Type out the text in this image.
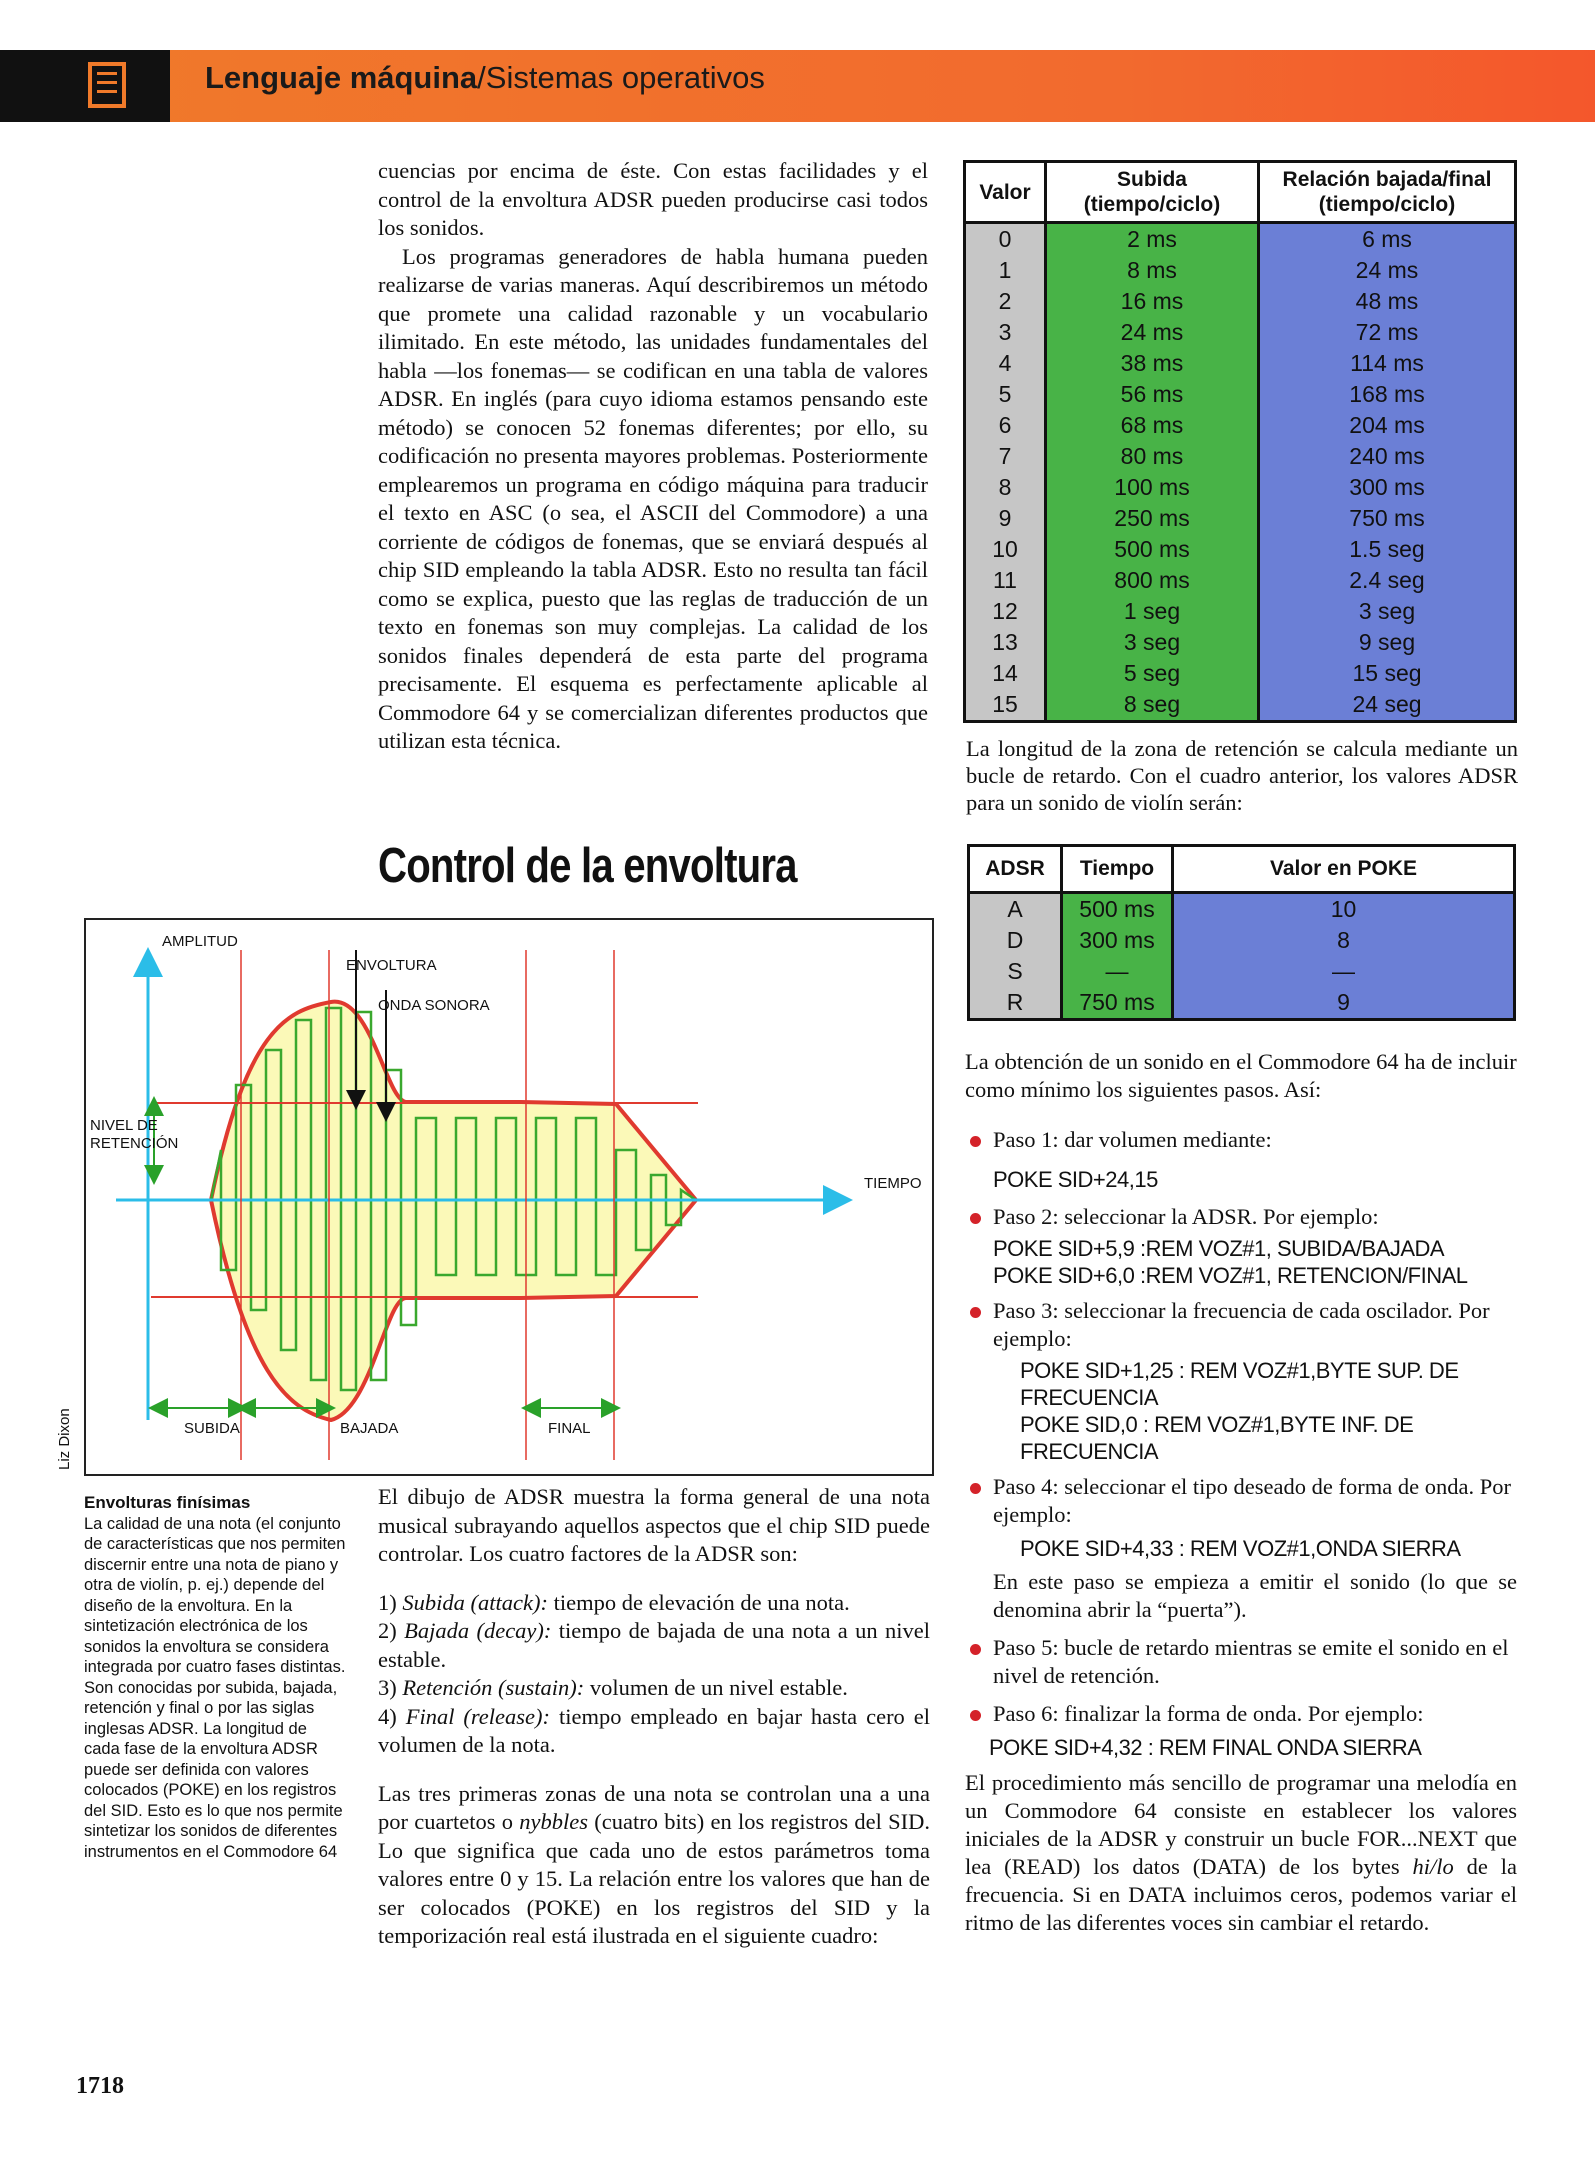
Lenguaje máquina/Sistemas operativos

cuencias por encima de éste. Con estas facilidades y el control de la envoltura ADSR pueden producirse casi todos los sonidos.

Los programas generadores de habla humana pueden realizarse de varias maneras. Aquí describiremos un método que promete una calidad razonable y un vocabulario ilimitado. En este método, las unidades fundamentales del habla —los fonemas— se codifican en una tabla de valores ADSR. En inglés (para cuyo idioma estamos pensando este método) se conocen 52 fonemas diferentes; por ello, su codificación no presenta mayores problemas. Posteriormente emplearemos un programa en código máquina para traducir el texto en ASC (o sea, el ASCII del Commodore) a una corriente de códigos de fonemas, que se enviará después al chip SID empleando la tabla ADSR. Esto no resulta tan fácil como se explica, puesto que las reglas de traducción de un texto en fonemas son muy complejas. La calidad de los sonidos finales dependerá de esta parte del programa precisamente. El esquema es perfectamente aplicable al Commodore 64 y se comercializan diferentes productos que utilizan esta técnica.

Control de la envoltura
AMPLITUD
ENVOLTURA
ONDA SONORA
NIVEL DE RETENCIÓN
TIEMPO
SUBIDA	BAJADA	FINAL
Liz Dixon
Envolturas finísimas
La calidad de una nota (el conjunto de características que nos permiten discernir entre una nota de piano y otra de violín, p. ej.) depende del diseño de la envoltura. En la sintetización electrónica de los sonidos la envoltura se considera integrada por cuatro fases distintas. Son conocidas por subida, bajada, retención y final o por las siglas inglesas ADSR. La longitud de cada fase de la envoltura ADSR puede ser definida con valores colocados (POKE) en los registros del SID. Esto es lo que nos permite sintetizar los sonidos de diferentes instrumentos en el Commodore 64

El dibujo de ADSR muestra la forma general de una nota musical subrayando aquellos aspectos que el chip SID puede controlar. Los cuatro factores de la ADSR son:

1) Subida (attack): tiempo de elevación de una nota.

2) Bajada (decay): tiempo de bajada de una nota a un nivel estable.

3) Retención (sustain): volumen de un nivel estable.

4) Final (release): tiempo empleado en bajar hasta cero el volumen de la nota.

Las tres primeras zonas de una nota se controlan una a una por cuartetos o nybbles (cuatro bits) en los registros del SID. Lo que significa que cada uno de estos parámetros toma valores entre 0 y 15. La relación entre los valores que han de ser colocados (POKE) en los registros del SID y la temporización real está ilustrada en el siguiente cuadro:

Valor	Subida (tiempo/ciclo)	Relación bajada/final (tiempo/ciclo)
0	2 ms	6 ms
1	8 ms	24 ms
2	16 ms	48 ms
3	24 ms	72 ms
4	38 ms	114 ms
5	56 ms	168 ms
6	68 ms	204 ms
7	80 ms	240 ms
8	100 ms	300 ms
9	250 ms	750 ms
10	500 ms	1.5 seg
11	800 ms	2.4 seg
12	1 seg	3 seg
13	3 seg	9 seg
14	5 seg	15 seg
15	8 seg	24 seg
La longitud de la zona de retención se calcula mediante un bucle de retardo. Con el cuadro anterior, los valores ADSR para un sonido de violín serán:
ADSR	Tiempo	Valor en POKE
A	500 ms	10
D	300 ms	8
S	—	—
R	750 ms	9

La obtención de un sonido en el Commodore 64 ha de incluir como mínimo los siguientes pasos. Así:

Paso 1: dar volumen mediante:

POKE SID+24,15

Paso 2: seleccionar la ADSR. Por ejemplo:

POKE SID+5,9 :REM VOZ#1, SUBIDA/BAJADA
POKE SID+6,0 :REM VOZ#1, RETENCION/FINAL

Paso 3: seleccionar la frecuencia de cada oscilador. Por ejemplo:

POKE SID+1,25 : REM VOZ#1,BYTE SUP. DE FRECUENCIA
POKE SID,0 : REM VOZ#1,BYTE INF. DE FRECUENCIA

Paso 4: seleccionar el tipo deseado de forma de onda. Por ejemplo:

POKE SID+4,33 : REM VOZ#1,ONDA SIERRA

En este paso se empieza a emitir el sonido (lo que se denomina abrir la “puerta”).

Paso 5: bucle de retardo mientras se emite el sonido en el nivel de retención.

Paso 6: finalizar la forma de onda. Por ejemplo:

POKE SID+4,32 : REM FINAL ONDA SIERRA

El procedimiento más sencillo de programar una melodía en un Commodore 64 consiste en establecer los valores iniciales de la ADSR y construir un bucle FOR...NEXT que lea (READ) los datos (DATA) de los bytes hi/lo de la frecuencia. Si en DATA incluimos ceros, podemos variar el ritmo de las diferentes voces sin cambiar el retardo.

1718
